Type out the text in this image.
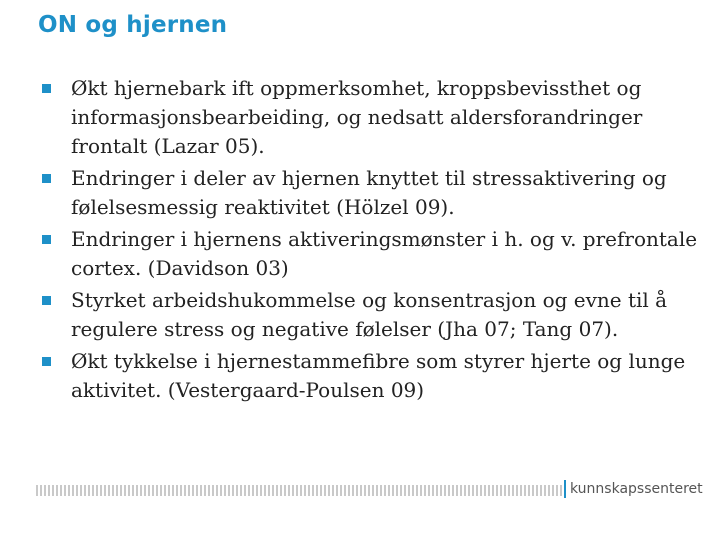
ON og hjernen
Økt hjernebark ift oppmerksomhet, kroppsbevissthet og informasjonsbearbeiding, og nedsatt aldersforandringer frontalt (Lazar 05).
Endringer i deler av hjernen knyttet til stressaktivering og følelsesmessig reaktivitet (Hölzel 09).
Endringer i hjernens aktiveringsmønster i h. og v. prefrontale cortex. (Davidson 03)
Styrket arbeidshukommelse og konsentrasjon og evne til å regulere stress og negative følelser (Jha 07; Tang 07).
Økt tykkelse i hjernestammefibre som styrer hjerte og lunge aktivitet. (Vestergaard-Poulsen 09)
kunnskapssenteret
